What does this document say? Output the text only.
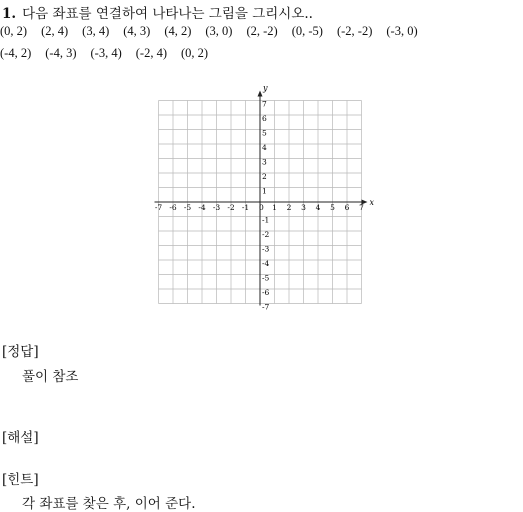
1. 다음 좌표를 연결하여 나타나는 그림을 그리시오..
(0, 2) (2, 4) (3, 4) (4, 3) (4, 2) (3, 0) (2, -2) (0, -5) (-2, -2) (-3, 0)
(-4, 2) (-4, 3) (-3, 4) (-2, 4) (0, 2)
x
y
0
-7 -6 -5 -4 -3 -2 -1	1 2 3 4 5 6 7
7
6
5
4
3
2
1
-1
-2
-3
-4
-5
-6
-7
[정답]
풀이 참조
[해설]
[힌트]
각 좌표를 찾은 후, 이어 준다.
